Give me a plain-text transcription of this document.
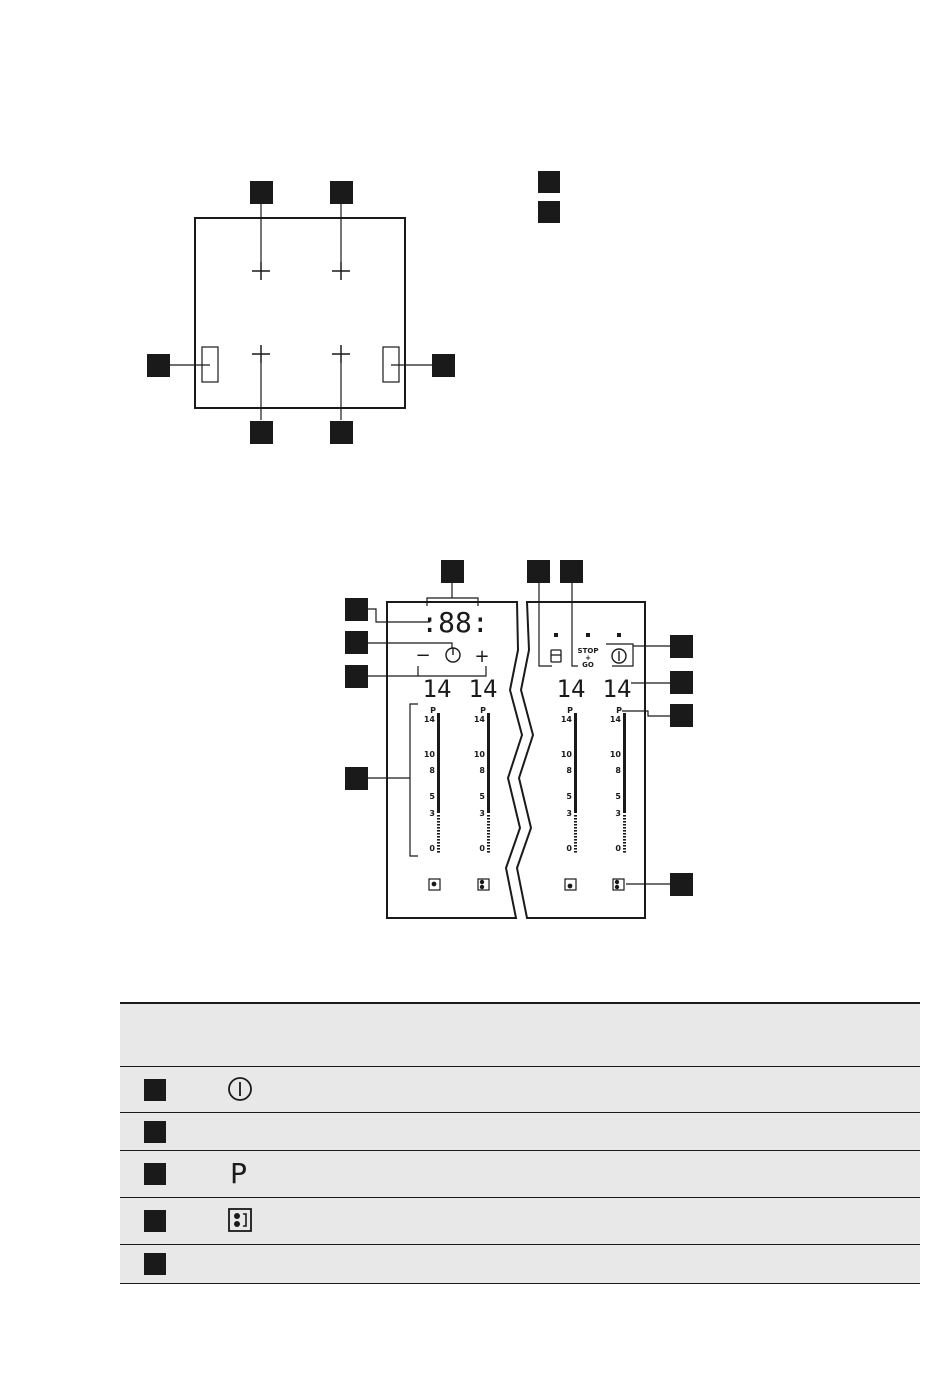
:88:
− +	STOP
+
GO
14 14 14 14
P
14
10
8
5
3
0
P
14
10
8
5
3
0
P
14
10
8
5
3
0
P
14
10
8
5
3
0
P
